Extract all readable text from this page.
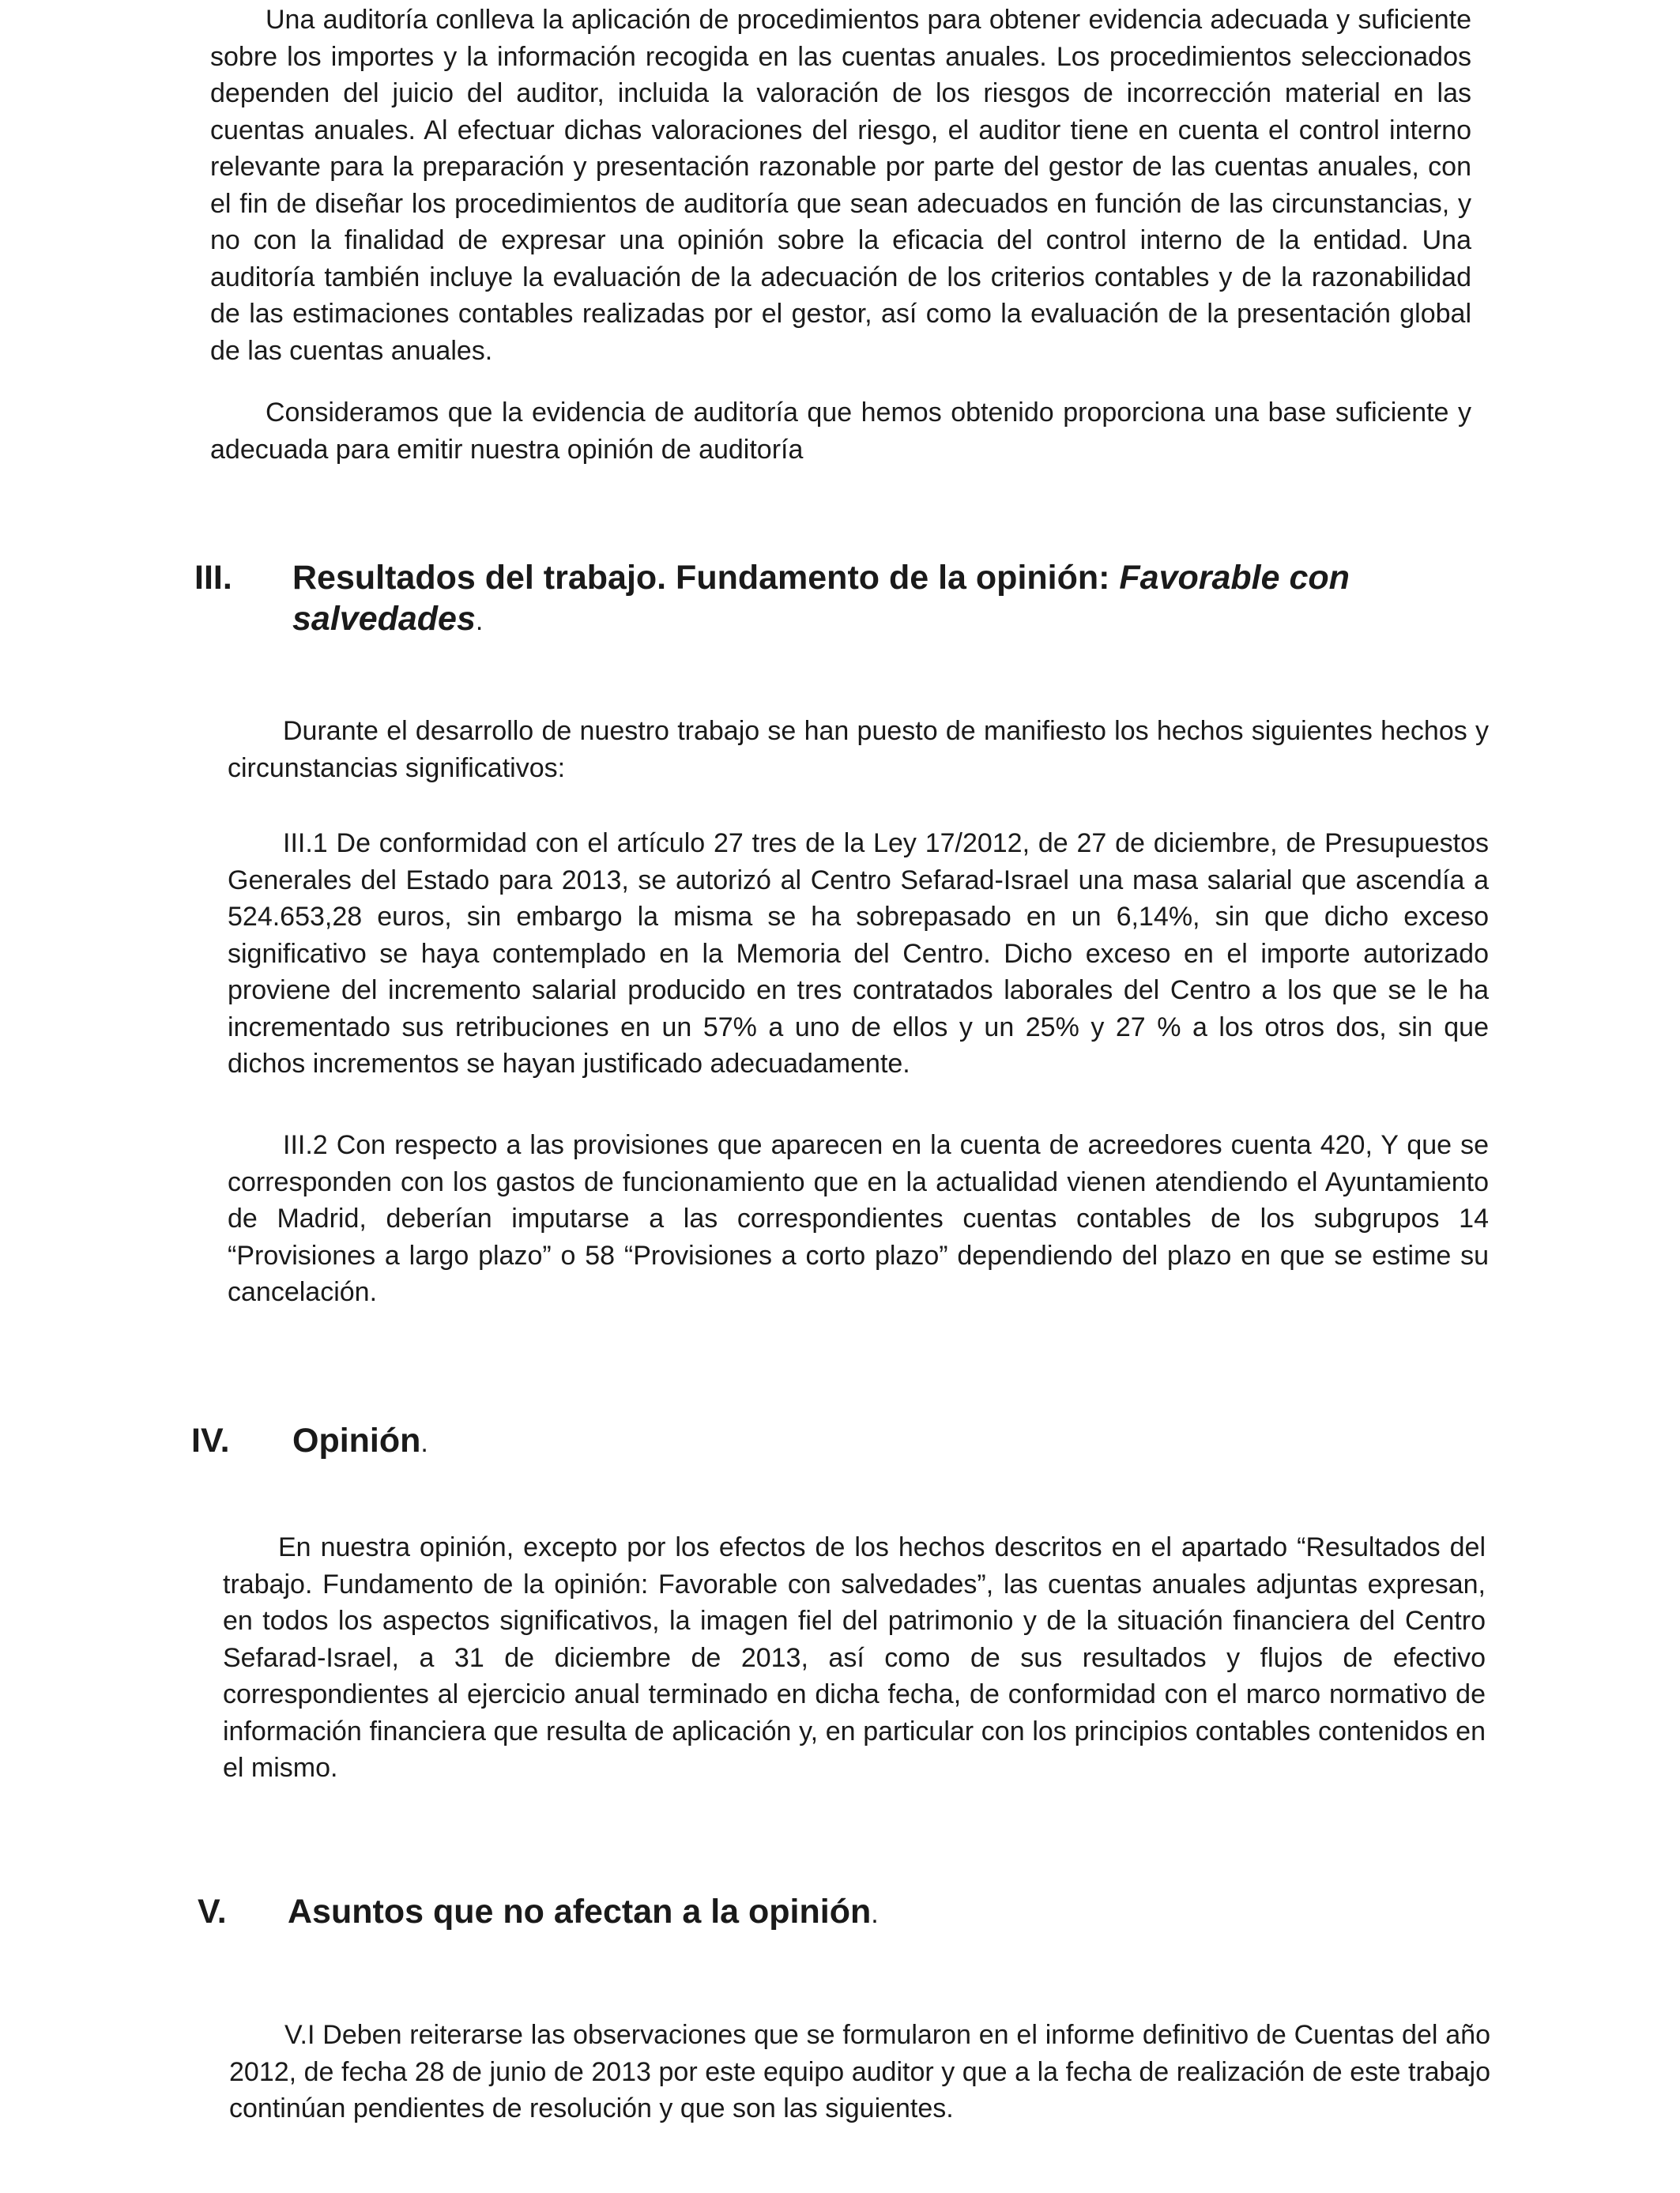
Una auditoría conlleva la aplicación de procedimientos para obtener evidencia adecuada y suficiente sobre los importes y la información recogida en las cuentas anuales. Los procedimientos seleccionados dependen del juicio del auditor, incluida la valoración de los riesgos de incorrección material en las cuentas anuales. Al efectuar dichas valoraciones del riesgo, el auditor tiene en cuenta el control interno relevante para la preparación y presentación razonable por parte del gestor de las cuentas anuales, con el fin de diseñar los procedimientos de auditoría que sean adecuados en función de las circunstancias, y no con la finalidad de expresar una opinión sobre la eficacia del control interno de la entidad. Una auditoría también incluye la evaluación de la adecuación de los criterios contables y de la razonabilidad de las estimaciones contables realizadas por el gestor, así como la evaluación de la presentación global de las cuentas anuales.

Consideramos que la evidencia de auditoría que hemos obtenido proporciona una base suficiente y adecuada para emitir nuestra opinión de auditoría

III. Resultados del trabajo. Fundamento de la opinión: Favorable con
salvedades.

Durante el desarrollo de nuestro trabajo se han puesto de manifiesto los hechos siguientes hechos y circunstancias significativos:

III.1 De conformidad con el artículo 27 tres de la Ley 17/2012, de 27 de diciembre, de Presupuestos Generales del Estado para 2013, se autorizó al Centro Sefarad-Israel una masa salarial que ascendía a 524.653,28 euros, sin embargo la misma se ha sobrepasado en un 6,14%, sin que dicho exceso significativo se haya contemplado en la Memoria del Centro. Dicho exceso en el importe autorizado proviene del incremento salarial producido en tres contratados laborales del Centro a los que se le ha incrementado sus retribuciones en un 57% a uno de ellos y un 25% y 27 % a los otros dos, sin que dichos incrementos se hayan justificado adecuadamente.

III.2 Con respecto a las provisiones que aparecen en la cuenta de acreedores cuenta 420, Y que se corresponden con los gastos de funcionamiento que en la actualidad vienen atendiendo el Ayuntamiento de Madrid, deberían imputarse a las correspondientes cuentas contables de los subgrupos 14 “Provisiones a largo plazo” o 58 “Provisiones a corto plazo” dependiendo del plazo en que se estime su cancelación.

IV. Opinión.

En nuestra opinión, excepto por los efectos de los hechos descritos en el apartado “Resultados del trabajo. Fundamento de la opinión: Favorable con salvedades”, las cuentas anuales adjuntas expresan, en todos los aspectos significativos, la imagen fiel del patrimonio y de la situación financiera del Centro Sefarad-Israel, a 31 de diciembre de 2013, así como de sus resultados y flujos de efectivo correspondientes al ejercicio anual terminado en dicha fecha, de conformidad con el marco normativo de información financiera que resulta de aplicación y, en particular con los principios contables contenidos en el mismo.

V. Asuntos que no afectan a la opinión.

V.I Deben reiterarse las observaciones que se formularon en el informe definitivo de Cuentas del año 2012, de fecha 28 de junio de 2013 por este equipo auditor y que a la fecha de realización de este trabajo continúan pendientes de resolución y que son las siguientes.
